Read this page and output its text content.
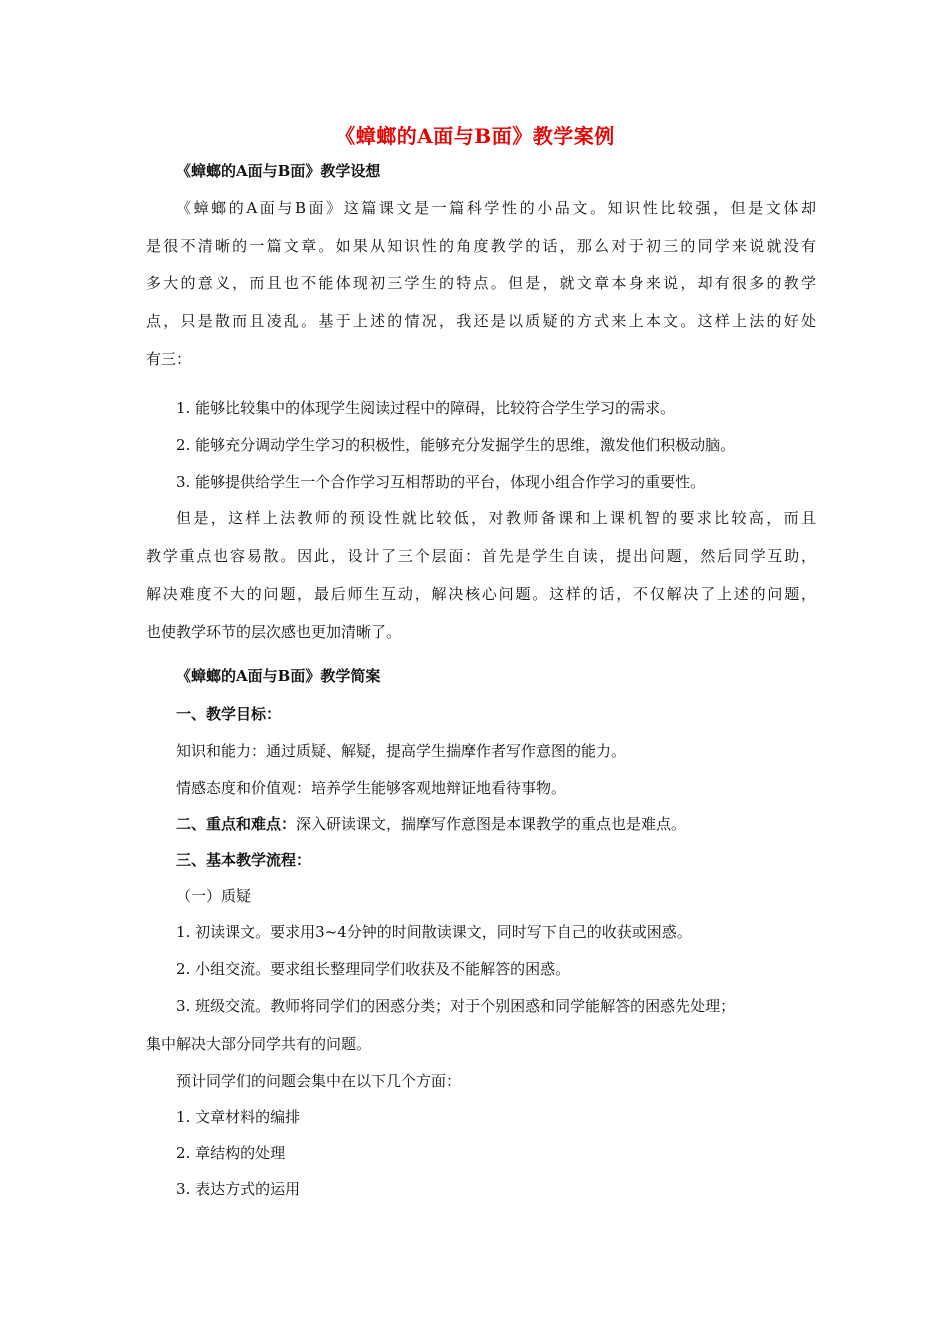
《蟑螂的A面与B面》教学案例
《蟑螂的A面与B面》教学设想
《蟑螂的A面与B面》这篇课文是一篇科学性的小品文。知识性比较强，但是文体却
是很不清晰的一篇文章。如果从知识性的角度教学的话，那么对于初三的同学来说就没有
多大的意义，而且也不能体现初三学生的特点。但是，就文章本身来说，却有很多的教学
点，只是散而且凌乱。基于上述的情况，我还是以质疑的方式来上本文。这样上法的好处
有三：
1. 能够比较集中的体现学生阅读过程中的障碍，比较符合学生学习的需求。
2. 能够充分调动学生学习的积极性，能够充分发掘学生的思维，激发他们积极动脑。
3. 能够提供给学生一个合作学习互相帮助的平台，体现小组合作学习的重要性。
但是，这样上法教师的预设性就比较低，对教师备课和上课机智的要求比较高，而且
教学重点也容易散。因此，设计了三个层面：首先是学生自读，提出问题，然后同学互助，
解决难度不大的问题，最后师生互动，解决核心问题。这样的话，不仅解决了上述的问题，
也使教学环节的层次感也更加清晰了。
《蟑螂的A面与B面》教学简案
一、教学目标：
知识和能力：通过质疑、解疑，提高学生揣摩作者写作意图的能力。
情感态度和价值观：培养学生能够客观地辩证地看待事物。
二、重点和难点：深入研读课文，揣摩写作意图是本课教学的重点也是难点。
三、基本教学流程：
（一）质疑
1. 初读课文。要求用3~4分钟的时间散读课文，同时写下自己的收获或困惑。
2. 小组交流。要求组长整理同学们收获及不能解答的困惑。
3. 班级交流。教师将同学们的困惑分类；对于个别困惑和同学能解答的困惑先处理；
集中解决大部分同学共有的问题。
预计同学们的问题会集中在以下几个方面：
1. 文章材料的编排
2. 章结构的处理
3. 表达方式的运用
